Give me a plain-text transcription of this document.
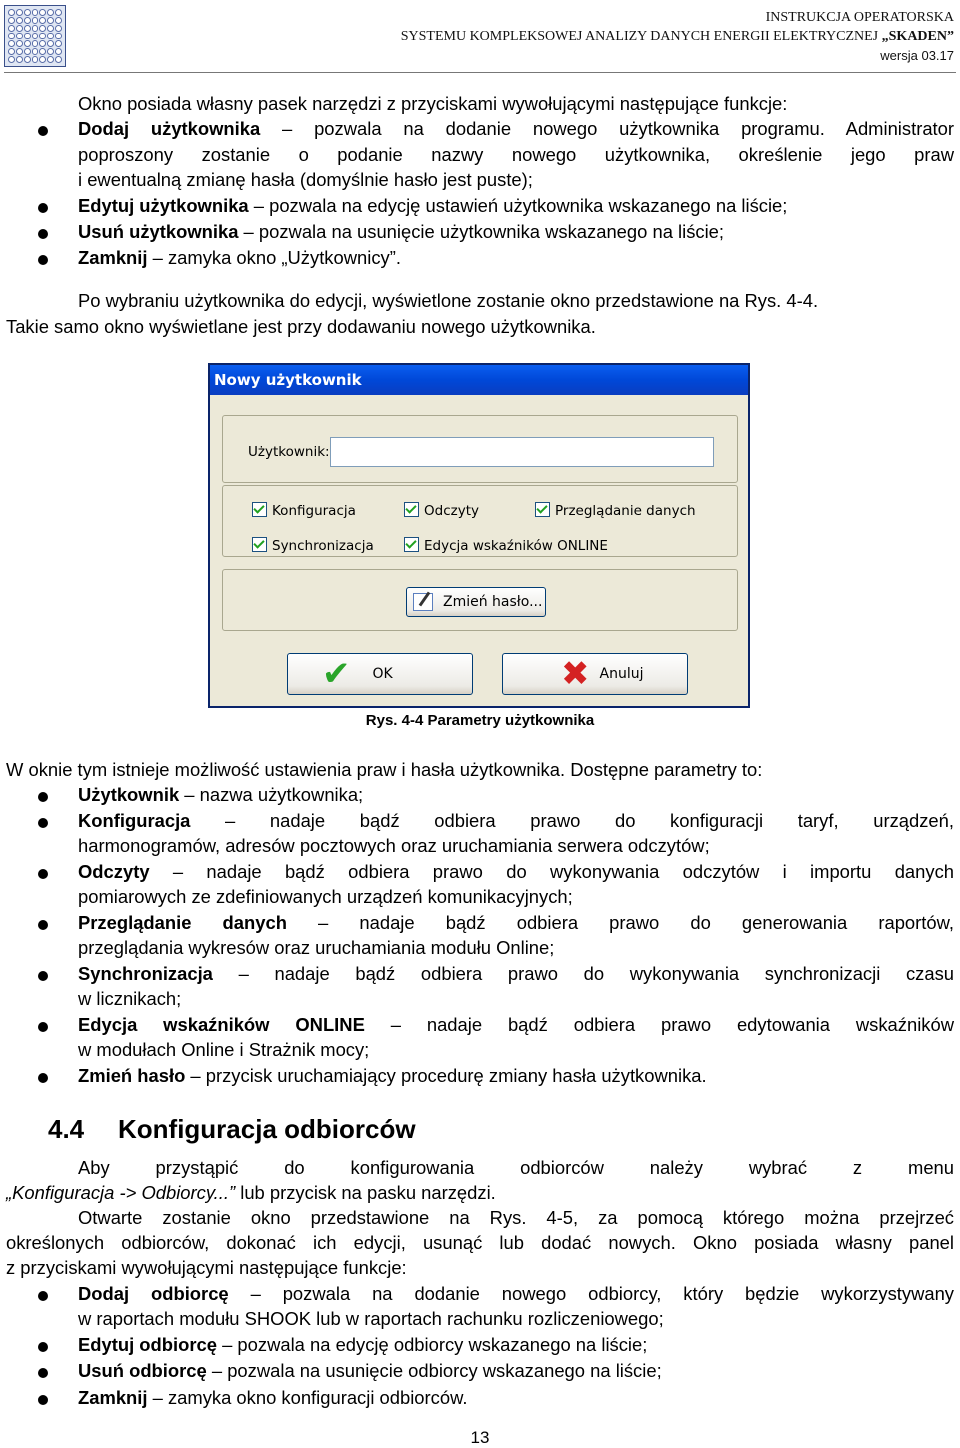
INSTRUKCJA OPERATORSKA
SYSTEMU KOMPLEKSOWEJ ANALIZY DANYCH ENERGII ELEKTRYCZNEJ „SKADEN”
wersja 03.17
Okno posiada własny pasek narzędzi z przyciskami wywołującymi następujące funkcje:
Dodaj użytkownika – pozwala na dodanie nowego użytkownika programu. Administrator
poproszony zostanie o podanie nazwy nowego użytkownika, określenie jego praw
i ewentualną zmianę hasła (domyślnie hasło jest puste);
Edytuj użytkownika – pozwala na edycję ustawień użytkownika wskazanego na liście;
Usuń użytkownika – pozwala na usunięcie użytkownika wskazanego na liście;
Zamknij – zamyka okno „Użytkownicy”.
Po wybraniu użytkownika do edycji, wyświetlone zostanie okno przedstawione na Rys. 4-4.
Takie samo okno wyświetlane jest przy dodawaniu nowego użytkownika.
Nowy użytkownik
Użytkownik:
Konfiguracja	Odczyty	Przeglądanie danych
Synchronizacja	Edycja wskaźników ONLINE
Zmień hasło...
✔ OK	✖ Anuluj
Rys. 4-4 Parametry użytkownika
W oknie tym istnieje możliwość ustawienia praw i hasła użytkownika. Dostępne parametry to:
Użytkownik – nazwa użytkownika;
Konfiguracja – nadaje bądź odbiera prawo do konfiguracji taryf, urządzeń,
harmonogramów, adresów pocztowych oraz uruchamiania serwera odczytów;
Odczyty – nadaje bądź odbiera prawo do wykonywania odczytów i importu danych
pomiarowych ze zdefiniowanych urządzeń komunikacyjnych;
Przeglądanie danych – nadaje bądź odbiera prawo do generowania raportów,
przeglądania wykresów oraz uruchamiania modułu Online;
Synchronizacja – nadaje bądź odbiera prawo do wykonywania synchronizacji czasu
w licznikach;
Edycja wskaźników ONLINE – nadaje bądź odbiera prawo edytowania wskaźników
w modułach Online i Strażnik mocy;
Zmień hasło – przycisk uruchamiający procedurę zmiany hasła użytkownika.
4.4 Konfiguracja odbiorców
Aby przystąpić do konfigurowania odbiorców należy wybrać z menu
„Konfiguracja -> Odbiorcy...” lub przycisk na pasku narzędzi.
Otwarte zostanie okno przedstawione na Rys. 4-5, za pomocą którego można przejrzeć
określonych odbiorców, dokonać ich edycji, usunąć lub dodać nowych. Okno posiada własny panel
z przyciskami wywołującymi następujące funkcje:
Dodaj odbiorcę – pozwala na dodanie nowego odbiorcy, który będzie wykorzystywany
w raportach modułu SHOOK lub w raportach rachunku rozliczeniowego;
Edytuj odbiorcę – pozwala na edycję odbiorcy wskazanego na liście;
Usuń odbiorcę – pozwala na usunięcie odbiorcy wskazanego na liście;
Zamknij – zamyka okno konfiguracji odbiorców.
13
